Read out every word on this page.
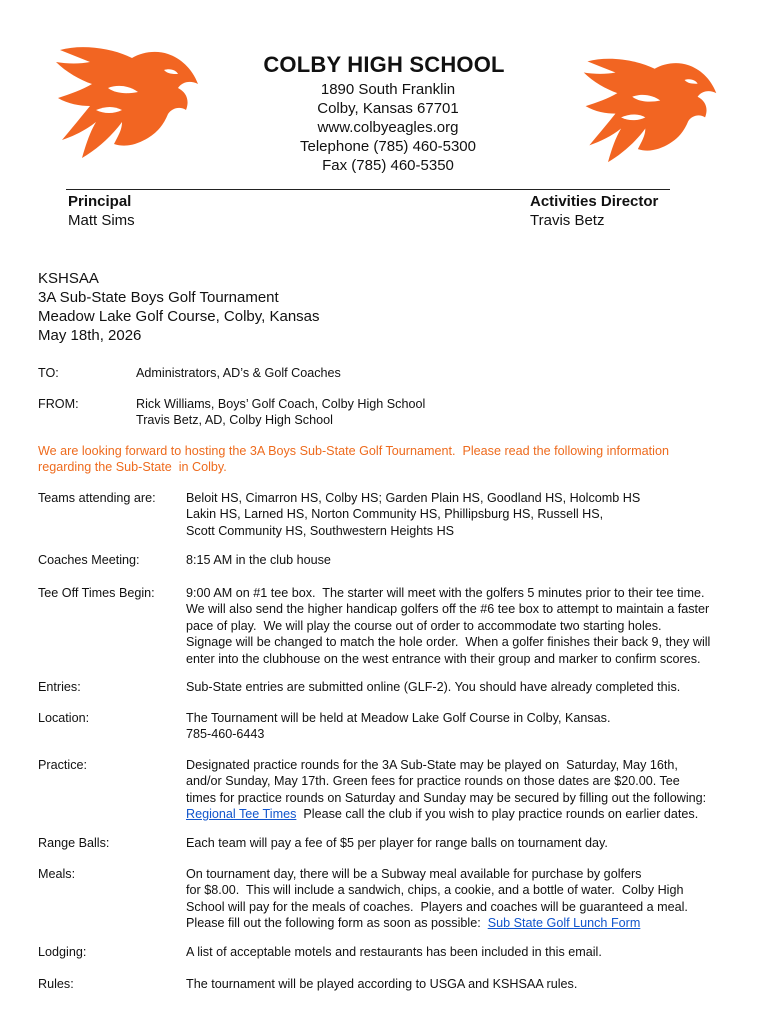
COLBY HIGH SCHOOL
1890 South Franklin
Colby, Kansas 67701
www.colbyeagles.org
Telephone (785) 460-5300
Fax (785) 460-5350
Principal
Matt Sims
Activities Director
Travis Betz
KSHSAA
3A Sub-State Boys Golf Tournament
Meadow Lake Golf Course, Colby, Kansas
May 18th, 2026
TO:	Administrators, AD’s & Golf Coaches
FROM:	Rick Williams, Boys’ Golf Coach, Colby High School
Travis Betz, AD, Colby High School
We are looking forward to hosting the 3A Boys Sub-State Golf Tournament.  Please read the following information
regarding the Sub-State  in Colby.
Teams attending are: Beloit HS, Cimarron HS, Colby HS; Garden Plain HS, Goodland HS, Holcomb HS
Lakin HS, Larned HS, Norton Community HS, Phillipsburg HS, Russell HS,
Scott Community HS, Southwestern Heights HS
Coaches Meeting:	8:15 AM in the club house
Tee Off Times Begin: 9:00 AM on #1 tee box.  The starter will meet with the golfers 5 minutes prior to their tee time.
We will also send the higher handicap golfers off the #6 tee box to attempt to maintain a faster
pace of play.  We will play the course out of order to accommodate two starting holes.
Signage will be changed to match the hole order.  When a golfer finishes their back 9, they will
enter into the clubhouse on the west entrance with their group and marker to confirm scores.
Entries:	Sub-State entries are submitted online (GLF-2). You should have already completed this.
Location:	The Tournament will be held at Meadow Lake Golf Course in Colby, Kansas.
785-460-6443
Practice:	Designated practice rounds for the 3A Sub-State may be played on  Saturday, May 16th,
and/or Sunday, May 17th. Green fees for practice rounds on those dates are $20.00. Tee
times for practice rounds on Saturday and Sunday may be secured by filling out the following:
Regional Tee Times  Please call the club if you wish to play practice rounds on earlier dates.
Range Balls:	Each team will pay a fee of $5 per player for range balls on tournament day.
Meals:	On tournament day, there will be a Subway meal available for purchase by golfers
for $8.00.  This will include a sandwich, chips, a cookie, and a bottle of water.  Colby High
School will pay for the meals of coaches.  Players and coaches will be guaranteed a meal.
Please fill out the following form as soon as possible:  Sub State Golf Lunch Form
Lodging:	A list of acceptable motels and restaurants has been included in this email.
Rules:	The tournament will be played according to USGA and KSHSAA rules.
